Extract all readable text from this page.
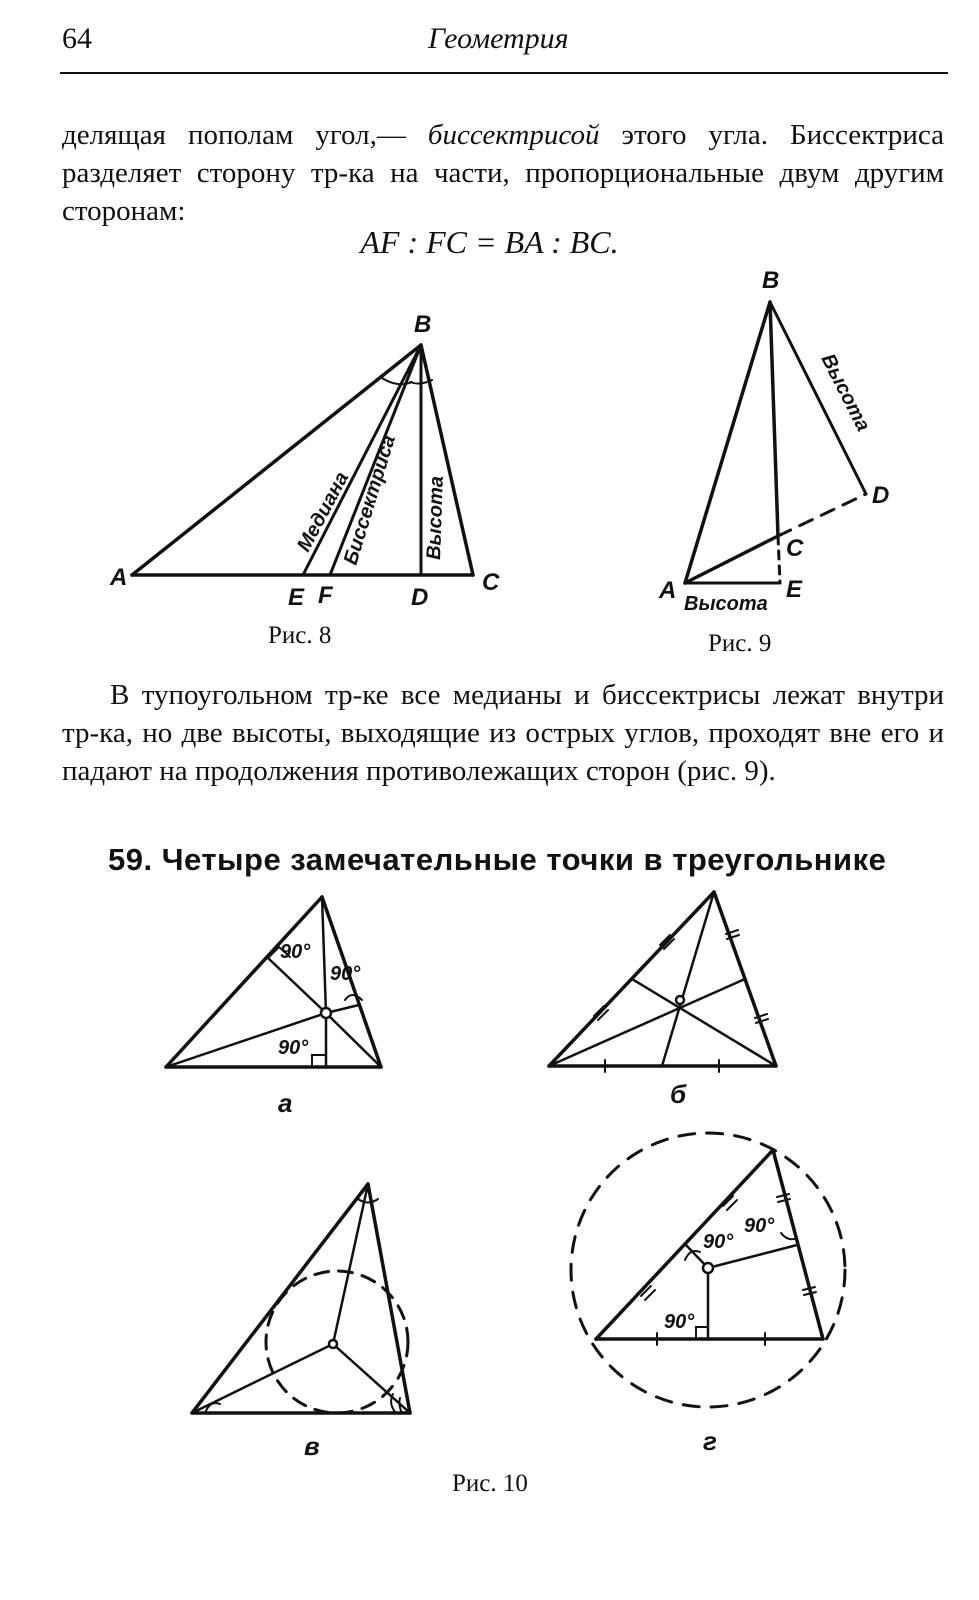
64	Геометрия

делящая пополам угол,— биссектрисой этого угла. Биссектриса разделяет сторону тр-ка на части, пропорциональные двум другим сторонам:

AF : FC = BA : BC.
A
B
C
D
E F
Медиана
Биссектриса Высота
B
A
C
D
E
Высота
Высота
90°
90°
90°
90°
90°
90°
а	б
в	г
Рис. 8	Рис. 9

В тупоугольном тр-ке все медианы и биссектрисы лежат внутри тр-ка, но две высоты, выходящие из острых углов, проходят вне его и падают на продолжения противолежащих сторон (рис. 9).

59. Четыре замечательные точки в треугольнике
Рис. 10
